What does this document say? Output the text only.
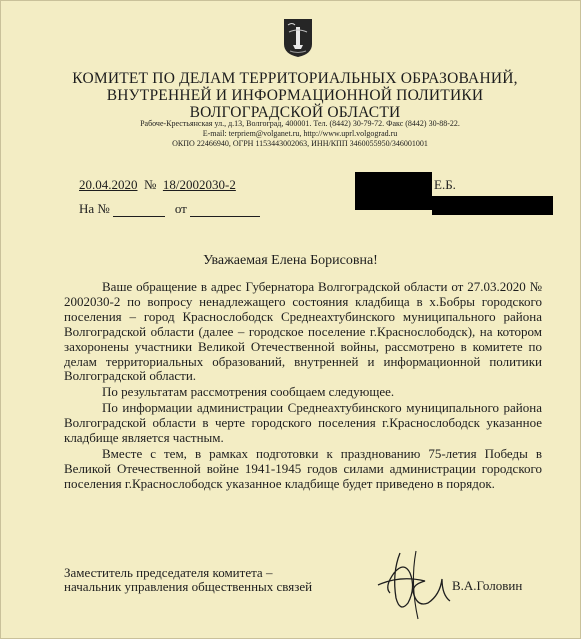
КОМИТЕТ ПО ДЕЛАМ ТЕРРИТОРИАЛЬНЫХ ОБРАЗОВАНИЙ,
ВНУТРЕННЕЙ И ИНФОРМАЦИОННОЙ ПОЛИТИКИ
ВОЛГОГРАДСКОЙ ОБЛАСТИ
Рабоче-Крестьянская ул., д.13, Волгоград, 400001. Тел. (8442) 30-79-72. Факс (8442) 30-88-22.
E-mail: terpriem@volganet.ru, http://www.uprl.volgograd.ru
ОКПО 22466940, ОГРН 1153443002063, ИНН/КПП 3460055950/346001001
20.04.2020 № 18/2002030-2
На №	от
Е.Б.
Уважаемая Елена Борисовна!

Ваше обращение в адрес Губернатора Волгоградской области от 27.03.2020 № 2002030-2 по вопросу ненадлежащего состояния кладбища в х.Бобры городского поселения – город Краснослободск Среднеахтубинского муниципального района Волгоградской области (далее – городское поселение г.Краснослободск), на котором захоронены участники Великой Отечественной войны, рассмотрено в комитете по делам территориальных образований, внутренней и информационной политики Волгоградской области.

По результатам рассмотрения сообщаем следующее.

По информации администрации Среднеахтубинского муниципального района Волгоградской области в черте городского поселения г.Краснослободск указанное кладбище является частным.

Вместе с тем, в рамках подготовки к празднованию 75-летия Победы в Великой Отечественной войне 1941-1945 годов силами администрации городского поселения г.Краснослободск указанное кладбище будет приведено в порядок.

Заместитель председателя комитета –
начальник управления общественных связей	В.А.Головин
